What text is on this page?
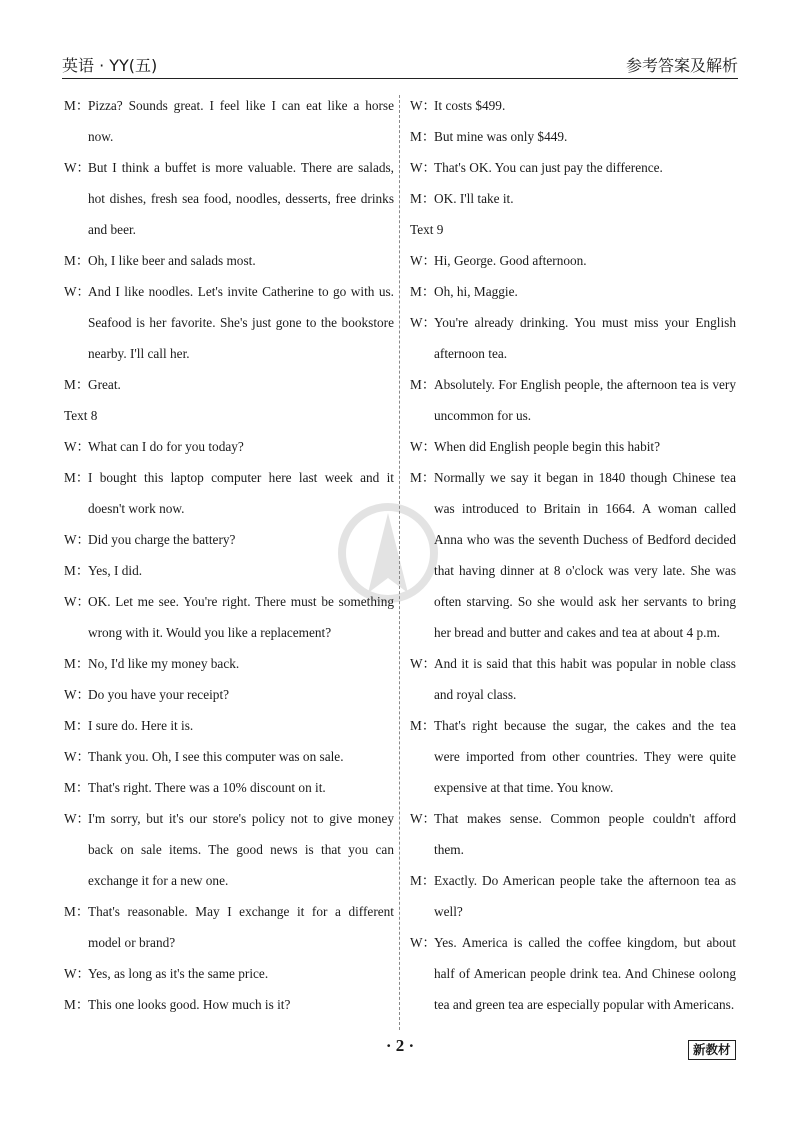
英语 · YY(五)	参考答案及解析
M：
Pizza? Sounds great. I feel like I can eat like a horse now.
W：
But I think a buffet is more valuable. There are salads, hot dishes, fresh sea food, noodles, desserts, free drinks and beer.
M：
Oh, I like beer and salads most.
W：
And I like noodles. Let's invite Catherine to go with us. Seafood is her favorite. She's just gone to the bookstore nearby. I'll call her.
M：
Great.
Text 8
W：
What can I do for you today?
M：
I bought this laptop computer here last week and it doesn't work now.
W：
Did you charge the battery?
M：
Yes, I did.
W：
OK. Let me see. You're right. There must be something wrong with it. Would you like a replacement?
M：
No, I'd like my money back.
W：
Do you have your receipt?
M：
I sure do. Here it is.
W：
Thank you. Oh, I see this computer was on sale.
M：
That's right. There was a 10% discount on it.
W：
I'm sorry, but it's our store's policy not to give money back on sale items. The good news is that you can exchange it for a new one.
M：
That's reasonable. May I exchange it for a different model or brand?
W：
Yes, as long as it's the same price.
M：
This one looks good. How much is it?
W：
It costs $499.
M：
But mine was only $449.
W：
That's OK. You can just pay the difference.
M：
OK. I'll take it.
Text 9
W：
Hi, George. Good afternoon.
M：
Oh, hi, Maggie.
W：
You're already drinking. You must miss your English afternoon tea.
M：
Absolutely. For English people, the afternoon tea is very uncommon for us.
W：
When did English people begin this habit?
M：
Normally we say it began in 1840 though Chinese tea was introduced to Britain in 1664. A woman called Anna who was the seventh Duchess of Bedford decided that having dinner at 8 o'clock was very late. She was often starving. So she would ask her servants to bring her bread and butter and cakes and tea at about 4 p.m.
W：
And it is said that this habit was popular in noble class and royal class.
M：
That's right because the sugar, the cakes and the tea were imported from other countries. They were quite expensive at that time. You know.
W：
That makes sense. Common people couldn't afford them.
M：
Exactly. Do American people take the afternoon tea as well?
W：
Yes. America is called the coffee kingdom, but about half of American people drink tea. And Chinese oolong tea and green tea are especially popular with Americans.
· 2 ·	新教材
